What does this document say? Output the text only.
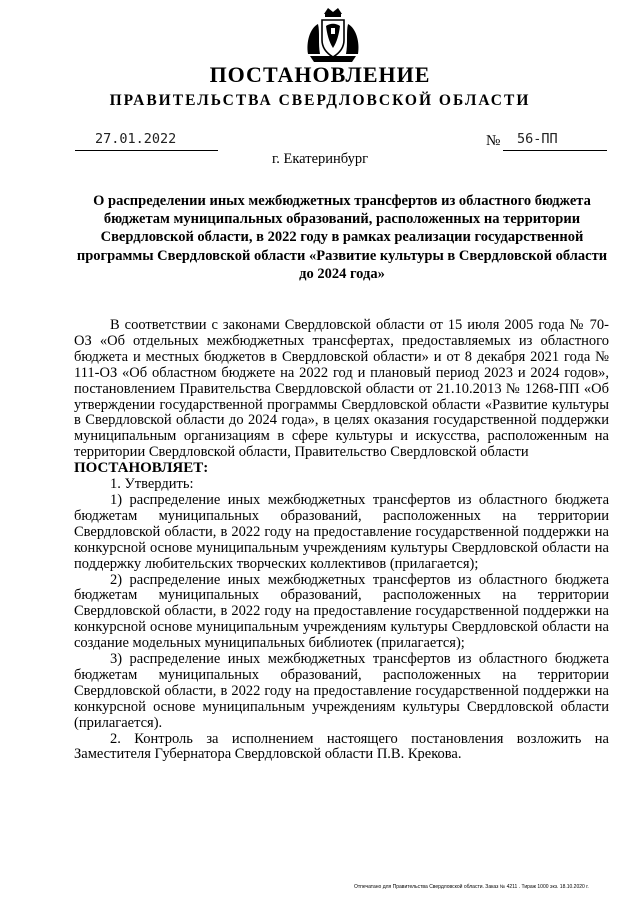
ПОСТАНОВЛЕНИЕ
ПРАВИТЕЛЬСТВА СВЕРДЛОВСКОЙ ОБЛАСТИ
27.01.2022	№ 56-ПП
г. Екатеринбург
О распределении иных межбюджетных трансфертов из областного бюджета бюджетам муниципальных образований, расположенных на территории Свердловской области, в 2022 году в рамках реализации государственной программы Свердловской области «Развитие культуры в Свердловской области до 2024 года»

В соответствии с законами Свердловской области от 15 июля 2005 года № 70-ОЗ «Об отдельных межбюджетных трансфертах, предоставляемых из областного бюджета и местных бюджетов в Свердловской области» и от 8 декабря 2021 года № 111-ОЗ «Об областном бюджете на 2022 год и плановый период 2023 и 2024 годов», постановлением Правительства Свердловской области от 21.10.2013 № 1268-ПП «Об утверждении государственной программы Свердловской области «Развитие культуры в Свердловской области до 2024 года», в целях оказания государственной поддержки муниципальным организациям в сфере культуры и искусства, расположенным на территории Свердловской области, Правительство Свердловской области

ПОСТАНОВЛЯЕТ:

1. Утвердить:

1) распределение иных межбюджетных трансфертов из областного бюджета бюджетам муниципальных образований, расположенных на территории Свердловской области, в 2022 году на предоставление государственной поддержки на конкурсной основе муниципальным учреждениям культуры Свердловской области на поддержку любительских творческих коллективов (прилагается);

2) распределение иных межбюджетных трансфертов из областного бюджета бюджетам муниципальных образований, расположенных на территории Свердловской области, в 2022 году на предоставление государственной поддержки на конкурсной основе муниципальным учреждениям культуры Свердловской области на создание модельных муниципальных библиотек (прилагается);

3) распределение иных межбюджетных трансфертов из областного бюджета бюджетам муниципальных образований, расположенных на территории Свердловской области, в 2022 году на предоставление государственной поддержки на конкурсной основе муниципальным учреждениям культуры Свердловской области (прилагается).

2. Контроль за исполнением настоящего постановления возложить на Заместителя Губернатора Свердловской области П.В. Крекова.

Отпечатано для Правительства Свердловской области. Заказ № 4211 . Тираж 1000 экз. 18.10.2020 г.
